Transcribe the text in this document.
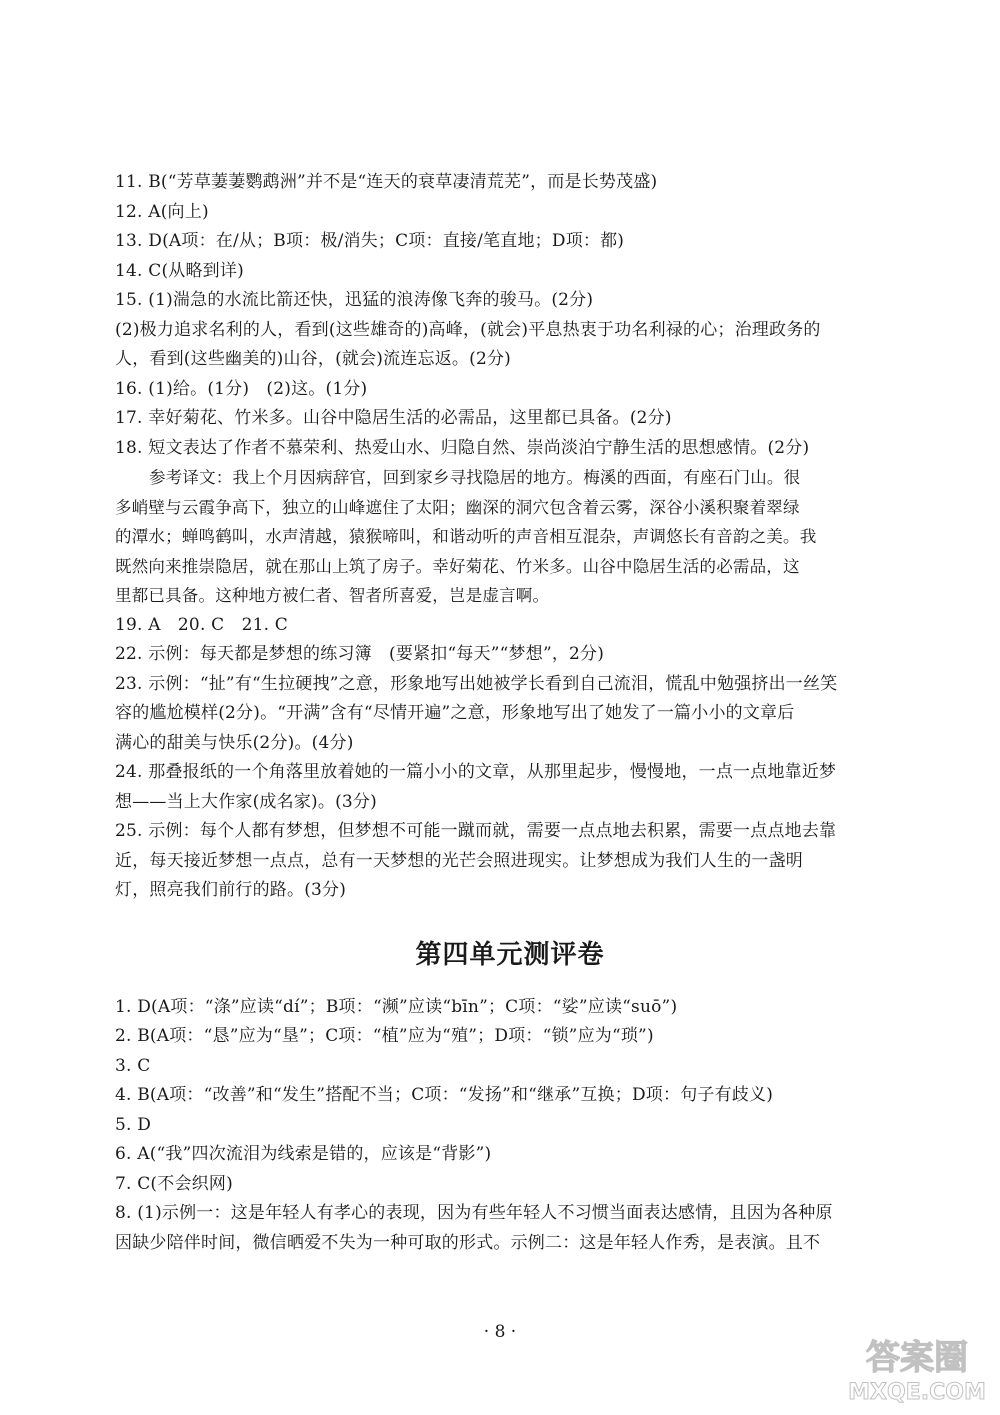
11. B(“芳草萋萋鹦鹉洲”并不是“连天的衰草凄清荒芜”，而是长势茂盛)
12. A(向上)
13. D(A项：在/从；B项：极/消失；C项：直接/笔直地；D项：都)
14. C(从略到详)
15. (1)湍急的水流比箭还快，迅猛的浪涛像飞奔的骏马。(2分)
(2)极力追求名利的人，看到(这些雄奇的)高峰，(就会)平息热衷于功名利禄的心；治理政务的
人，看到(这些幽美的)山谷，(就会)流连忘返。(2分)
16. (1)给。(1分)　(2)这。(1分)
17. 幸好菊花、竹米多。山谷中隐居生活的必需品，这里都已具备。(2分)
18. 短文表达了作者不慕荣利、热爱山水、归隐自然、崇尚淡泊宁静生活的思想感情。(2分)
参考译文：我上个月因病辞官，回到家乡寻找隐居的地方。梅溪的西面，有座石门山。很
多峭壁与云霞争高下，独立的山峰遮住了太阳；幽深的洞穴包含着云雾，深谷小溪积聚着翠绿
的潭水；蝉鸣鹤叫，水声清越，猿猴啼叫，和谐动听的声音相互混杂，声调悠长有音韵之美。我
既然向来推崇隐居，就在那山上筑了房子。幸好菊花、竹米多。山谷中隐居生活的必需品，这
里都已具备。这种地方被仁者、智者所喜爱，岂是虚言啊。
19. A　20. C　21. C
22. 示例：每天都是梦想的练习簿　(要紧扣“每天”“梦想”，2分)
23. 示例：“扯”有“生拉硬拽”之意，形象地写出她被学长看到自己流泪，慌乱中勉强挤出一丝笑
容的尴尬模样(2分)。“开满”含有“尽情开遍”之意，形象地写出了她发了一篇小小的文章后
满心的甜美与快乐(2分)。(4分)
24. 那叠报纸的一个角落里放着她的一篇小小的文章，从那里起步，慢慢地，一点一点地靠近梦
想——当上大作家(成名家)。(3分)
25. 示例：每个人都有梦想，但梦想不可能一蹴而就，需要一点点地去积累，需要一点点地去靠
近，每天接近梦想一点点，总有一天梦想的光芒会照进现实。让梦想成为我们人生的一盏明
灯，照亮我们前行的路。(3分)
第四单元测评卷
1. D(A项：“涤”应读“dí”；B项：“濒”应读“bīn”；C项：“娑”应读“suō”)
2. B(A项：“恳”应为“垦”；C项：“植”应为“殖”；D项：“锁”应为“琐”)
3. C
4. B(A项：“改善”和“发生”搭配不当；C项：“发扬”和“继承”互换；D项：句子有歧义)
5. D
6. A(“我”四次流泪为线索是错的，应该是“背影”)
7. C(不会织网)
8. (1)示例一：这是年轻人有孝心的表现，因为有些年轻人不习惯当面表达感情，且因为各种原
因缺少陪伴时间，微信晒爱不失为一种可取的形式。示例二：这是年轻人作秀，是表演。且不
· 8 ·
答案圈
MXQE.COM
